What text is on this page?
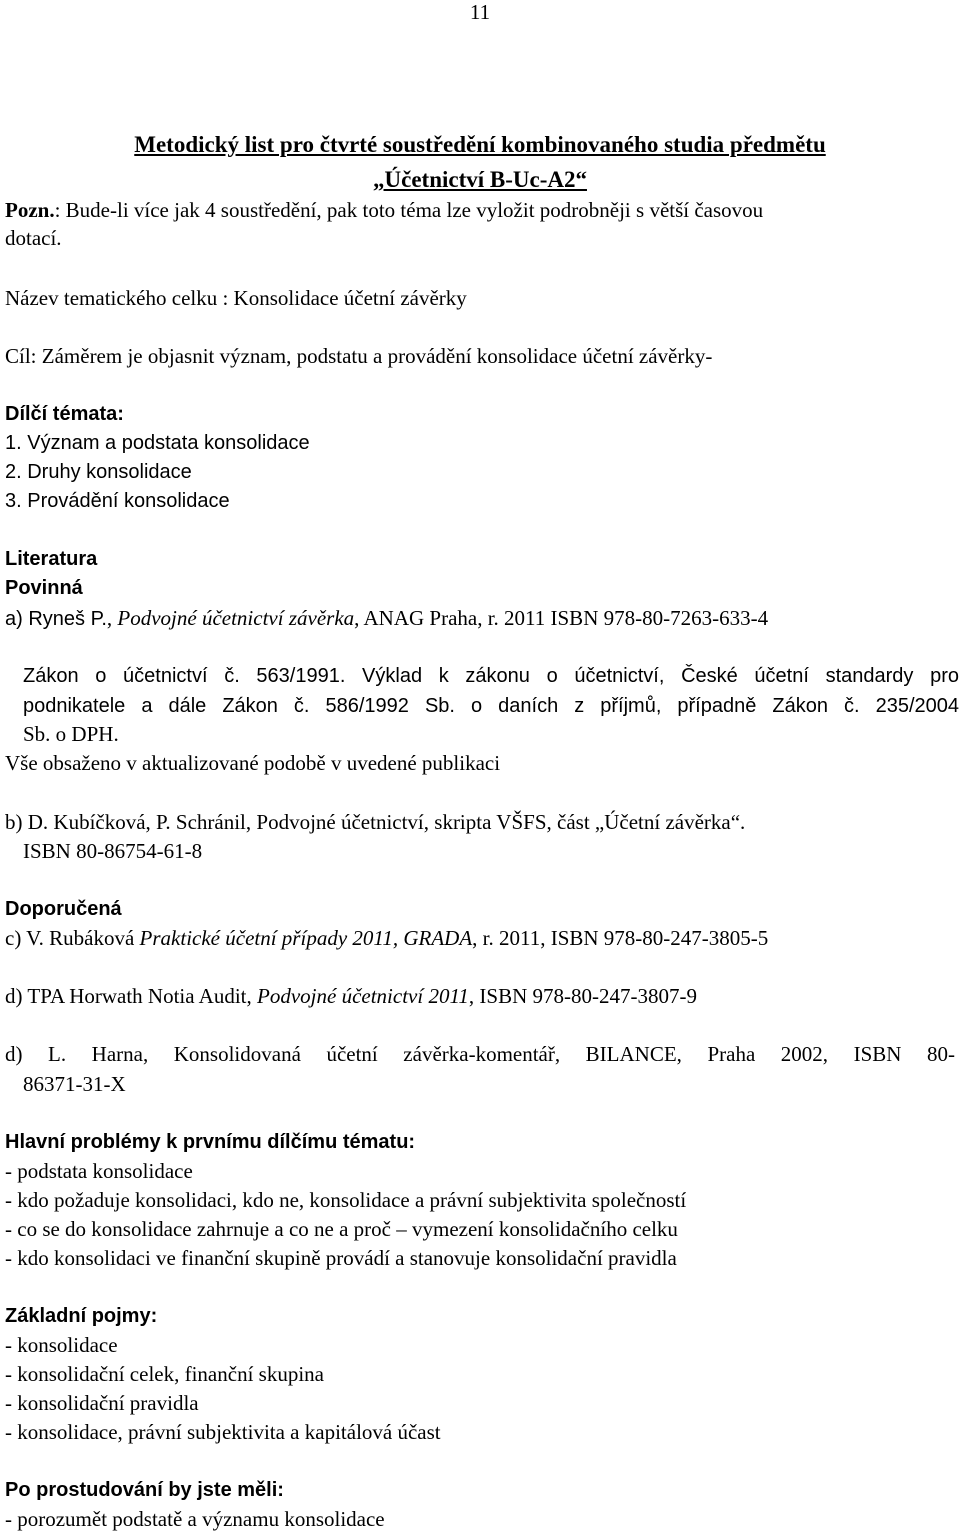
11
Metodický list pro čtvrté soustředění kombinovaného studia předmětu
„Účetnictví B-Uc-A2“
Pozn.: Bude-li více jak 4 soustředění, pak toto téma lze vyložit podrobněji s větší časovou
dotací.
Název tematického celku : Konsolidace účetní závěrky
Cíl: Záměrem je objasnit význam, podstatu a provádění konsolidace účetní závěrky-
Dílčí témata:
1. Význam a podstata konsolidace
2. Druhy konsolidace
3. Provádění konsolidace
Literatura
Povinná
a) Ryneš P., Podvojné účetnictví závěrka, ANAG Praha, r. 2011 ISBN 978-80-7263-633-4
Zákon o účetnictví č. 563/1991. Výklad k zákonu o účetnictví, České účetní standardy pro
podnikatele a dále Zákon č. 586/1992 Sb. o daních z příjmů, případně Zákon č. 235/2004
Sb. o DPH.
Vše obsaženo v aktualizované podobě v uvedené publikaci
b) D. Kubíčková, P. Schránil, Podvojné účetnictví, skripta VŠFS, část „Účetní závěrka“.
ISBN 80-86754-61-8
Doporučená
c) V. Rubáková Praktické účetní případy 2011, GRADA, r. 2011, ISBN 978-80-247-3805-5
d) TPA Horwath Notia Audit, Podvojné účetnictví 2011, ISBN 978-80-247-3807-9
d) L. Harna, Konsolidovaná účetní závěrka-komentář, BILANCE, Praha 2002, ISBN 80-
86371-31-X
Hlavní problémy k prvnímu dílčímu tématu:
- podstata konsolidace
- kdo požaduje konsolidaci, kdo ne, konsolidace a právní subjektivita společností
- co se do konsolidace zahrnuje a co ne a proč – vymezení konsolidačního celku
- kdo konsolidaci ve finanční skupině provádí a stanovuje konsolidační pravidla
Základní pojmy:
- konsolidace
- konsolidační celek, finanční skupina
- konsolidační pravidla
- konsolidace, právní subjektivita a kapitálová účast
Po prostudování by jste měli:
- porozumět podstatě a významu konsolidace
